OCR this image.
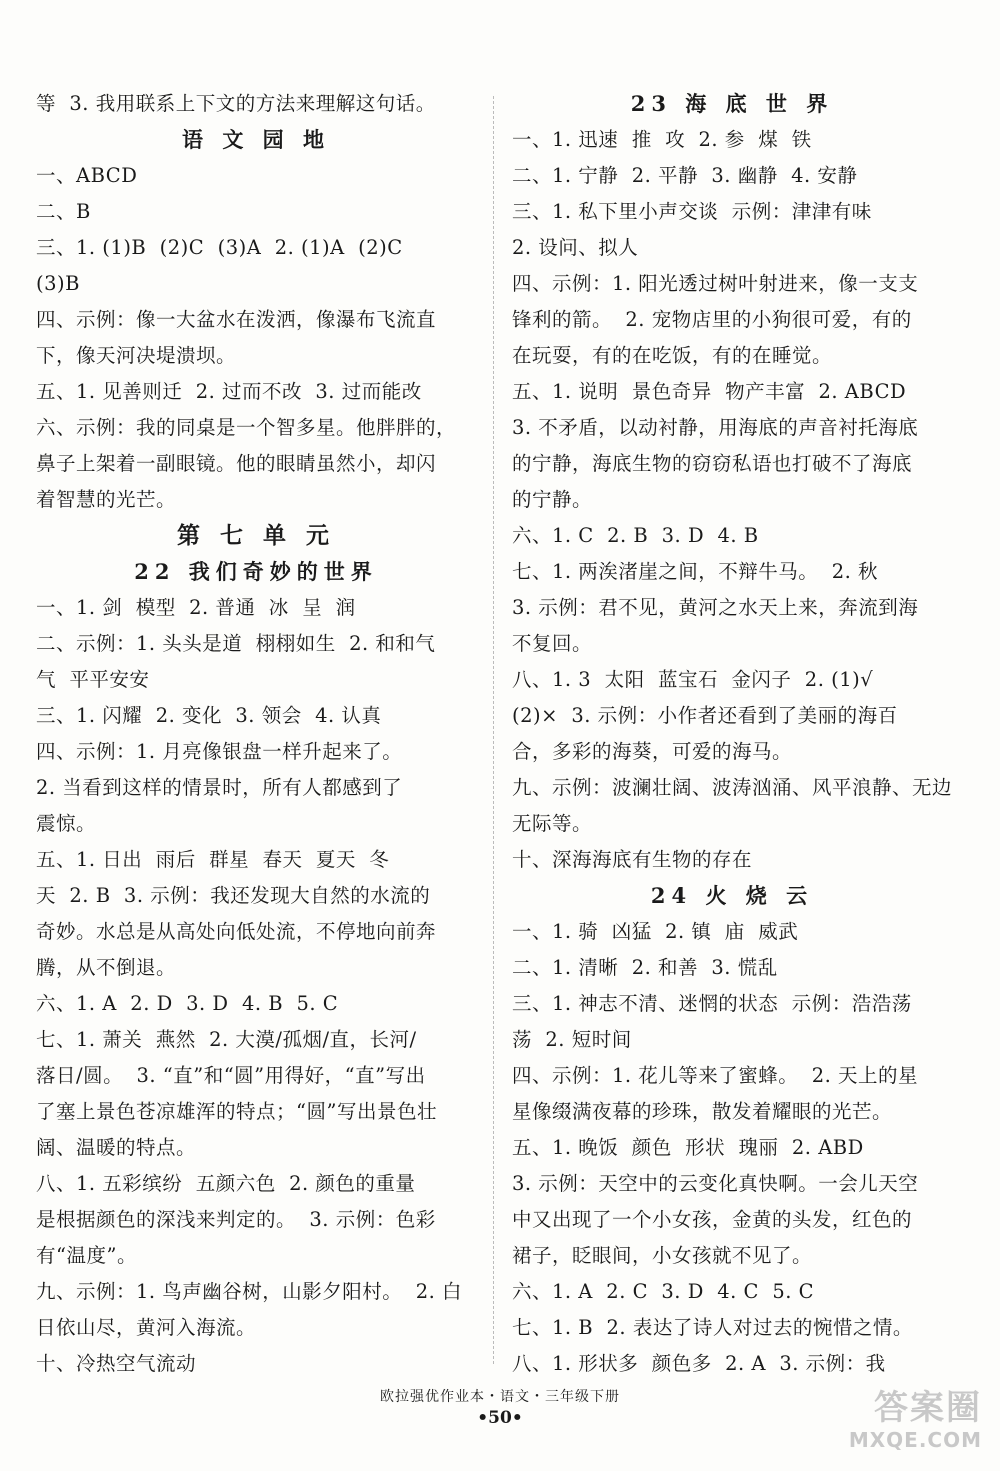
等  3. 我用联系上下文的方法来理解这句话。
语 文 园 地
一、ABCD
二、B
三、1. (1)B  (2)C  (3)A  2. (1)A  (2)C
(3)B
四、示例：像一大盆水在泼洒，像瀑布飞流直
下，像天河决堤溃坝。
五、1. 见善则迁  2. 过而不改  3. 过而能改
六、示例：我的同桌是一个智多星。他胖胖的，
鼻子上架着一副眼镜。他的眼睛虽然小，却闪
着智慧的光芒。
第 七 单 元
22 我们奇妙的世界
一、1. 剑  模型  2. 普通  冰  呈  润
二、示例：1. 头头是道  栩栩如生  2. 和和气
气  平平安安
三、1. 闪耀  2. 变化  3. 领会  4. 认真
四、示例：1. 月亮像银盘一样升起来了。
2. 当看到这样的情景时，所有人都感到了
震惊。
五、1. 日出  雨后  群星  春天  夏天  冬
天  2. B  3. 示例：我还发现大自然的水流的
奇妙。水总是从高处向低处流，不停地向前奔
腾，从不倒退。
六、1. A  2. D  3. D  4. B  5. C
七、1. 萧关  燕然  2. 大漠/孤烟/直，长河/
落日/圆。  3. “直”和“圆”用得好，“直”写出
了塞上景色苍凉雄浑的特点；“圆”写出景色壮
阔、温暖的特点。
八、1. 五彩缤纷  五颜六色  2. 颜色的重量
是根据颜色的深浅来判定的。  3. 示例：色彩
有“温度”。
九、示例：1. 鸟声幽谷树，山影夕阳村。  2. 白
日依山尽，黄河入海流。
十、冷热空气流动
23 海 底 世 界
一、1. 迅速  推  攻  2. 参  煤  铁
二、1. 宁静  2. 平静  3. 幽静  4. 安静
三、1. 私下里小声交谈  示例：津津有味
2. 设问、拟人
四、示例：1. 阳光透过树叶射进来，像一支支
锋利的箭。  2. 宠物店里的小狗很可爱，有的
在玩耍，有的在吃饭，有的在睡觉。
五、1. 说明  景色奇异  物产丰富  2. ABCD
3. 不矛盾，以动衬静，用海底的声音衬托海底
的宁静，海底生物的窃窃私语也打破不了海底
的宁静。
六、1. C  2. B  3. D  4. B
七、1. 两涘渚崖之间，不辩牛马。  2. 秋
3. 示例：君不见，黄河之水天上来，奔流到海
不复回。
八、1. 3  太阳  蓝宝石  金闪子  2. (1)√
(2)×  3. 示例：小作者还看到了美丽的海百
合，多彩的海葵，可爱的海马。
九、示例：波澜壮阔、波涛汹涌、风平浪静、无边
无际等。
十、深海海底有生物的存在
24 火 烧 云
一、1. 骑  凶猛  2. 镇  庙  威武
二、1. 清晰  2. 和善  3. 慌乱
三、1. 神志不清、迷惘的状态  示例：浩浩荡
荡  2. 短时间
四、示例：1. 花儿等来了蜜蜂。  2. 天上的星
星像缀满夜幕的珍珠，散发着耀眼的光芒。
五、1. 晚饭  颜色  形状  瑰丽  2. ABD
3. 示例：天空中的云变化真快啊。一会儿天空
中又出现了一个小女孩，金黄的头发，红色的
裙子，眨眼间，小女孩就不见了。
六、1. A  2. C  3. D  4. C  5. C
七、1. B  2. 表达了诗人对过去的惋惜之情。
八、1. 形状多  颜色多  2. A  3. 示例：我
欧拉强优作业本・语文・三年级下册
•50•	答案圈
MXQE.COM
